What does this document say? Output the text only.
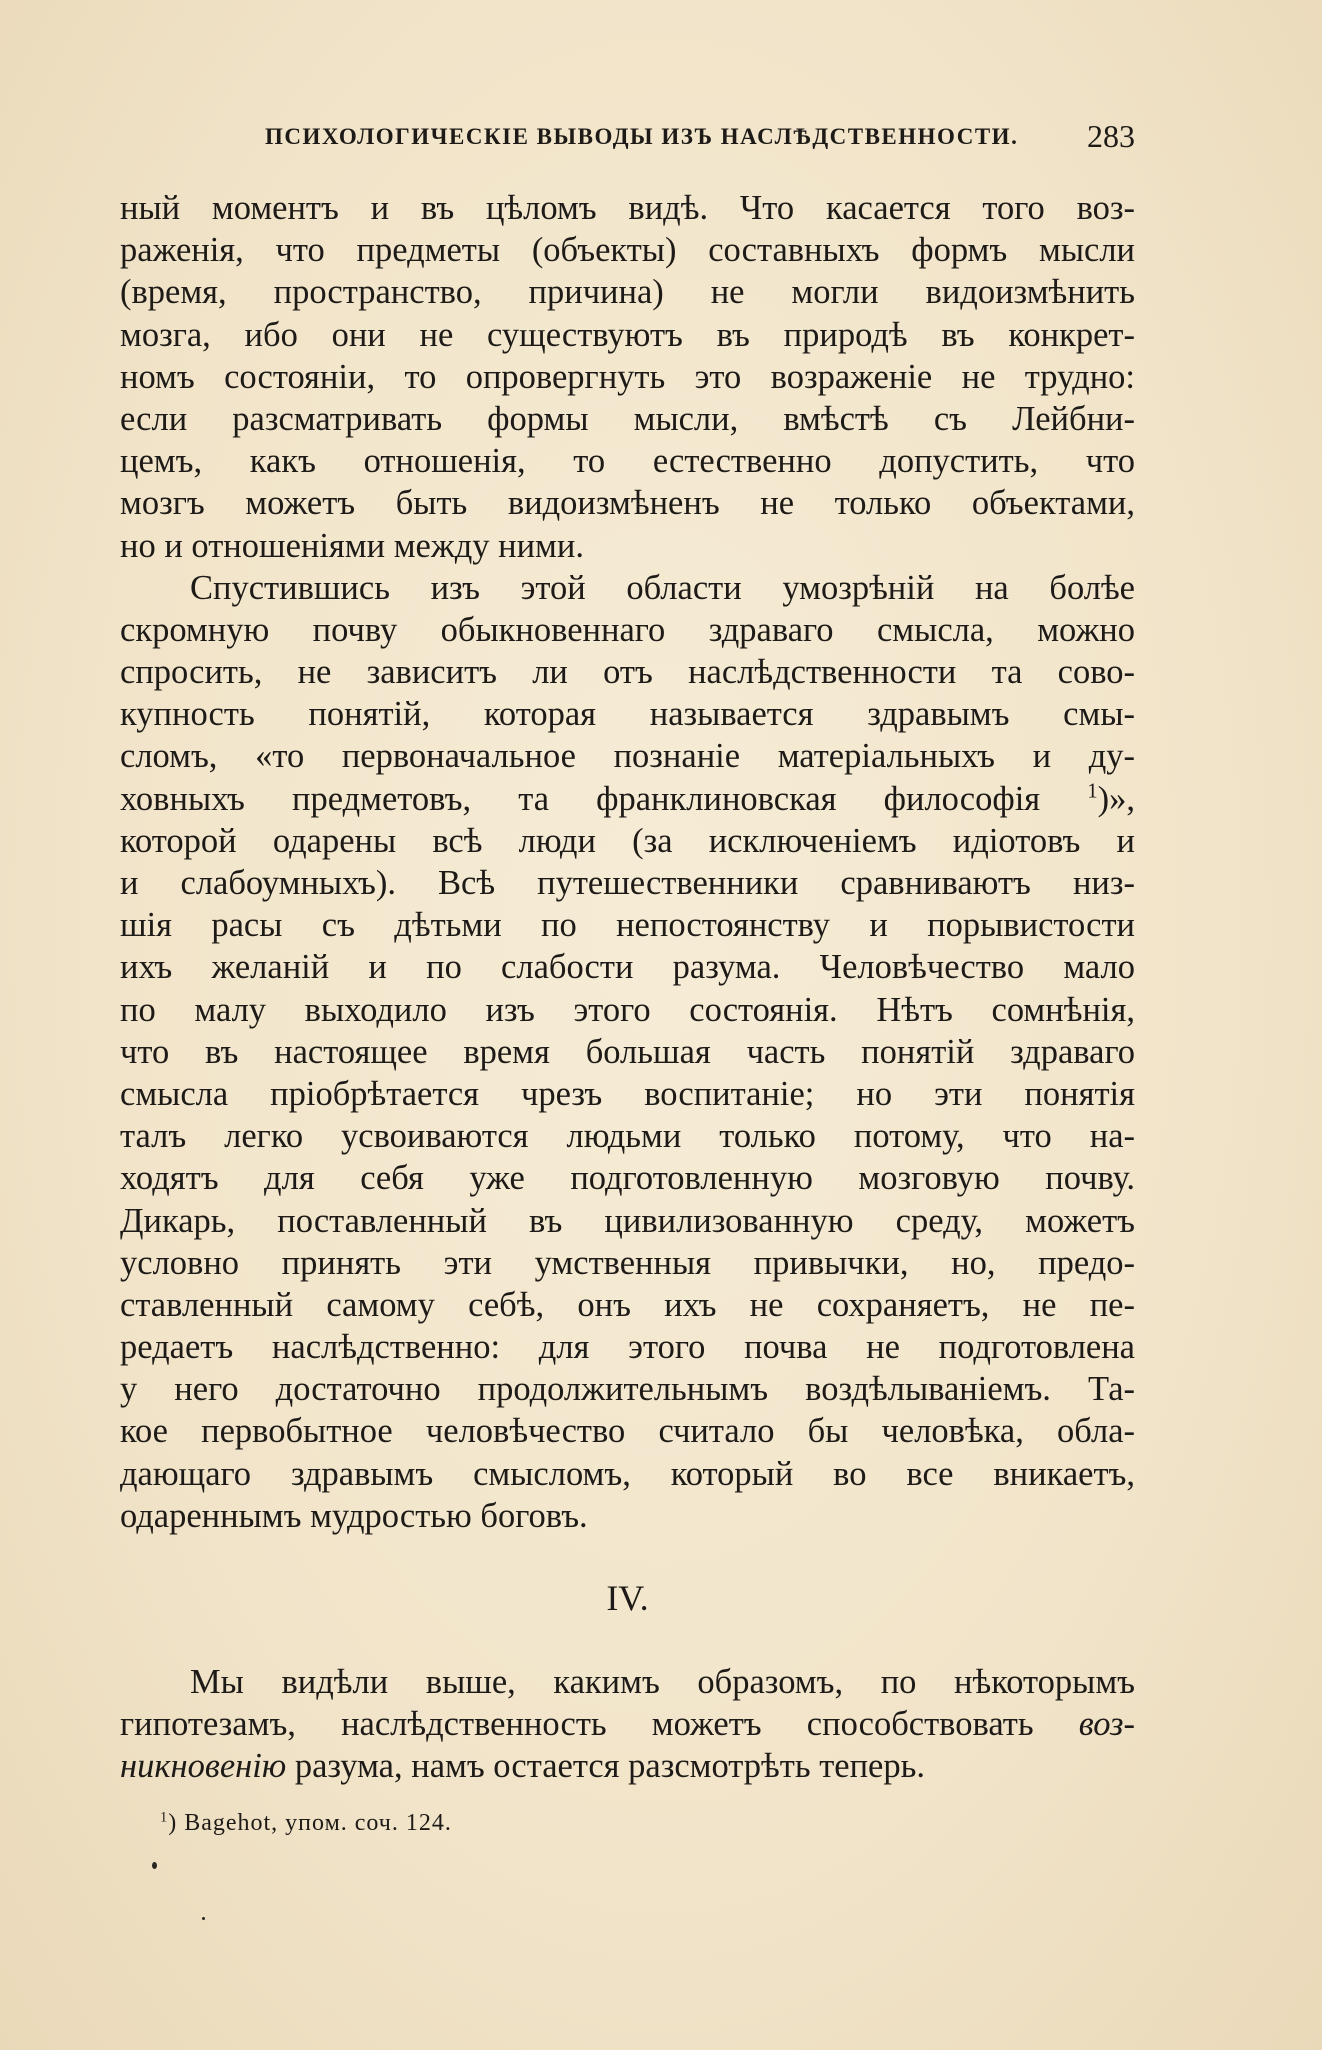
ПСИХОЛОГИЧЕСКІЕ ВЫВОДЫ ИЗЪ НАСЛѢДСТВЕННОСТИ. 283
ный моментъ и въ цѣломъ видѣ. Что касается того воз-
раженія, что предметы (объекты) составныхъ формъ мысли
(время, пространство, причина) не могли видоизмѣнить
мозга, ибо они не существуютъ въ природѣ въ конкрет-
номъ состояніи, то опровергнуть это возраженіе не трудно:
если разсматривать формы мысли, вмѣстѣ съ Лейбни-
цемъ, какъ отношенія, то естественно допустить, что
мозгъ можетъ быть видоизмѣненъ не только объектами,
но и отношеніями между ними.
Спустившись изъ этой области умозрѣній на болѣе
скромную почву обыкновеннаго здраваго смысла, можно
спросить, не зависитъ ли отъ наслѣдственности та сово-
купность понятій, которая называется здравымъ смы-
сломъ, «то первоначальное познаніе матеріальныхъ и ду-
ховныхъ предметовъ, та франклиновская философія $^1$)»,
которой одарены всѣ люди (за исключеніемъ идіотовъ и
и слабоумныхъ). Всѣ путешественники сравниваютъ низ-
шія расы съ дѣтьми по непостоянству и порывистости
ихъ желаній и по слабости разума. Человѣчество мало
по малу выходило изъ этого состоянія. Нѣтъ сомнѣнія,
что въ настоящее время большая часть понятій здраваго
смысла пріобрѣтается чрезъ воспитаніе; но эти понятія
талъ легко усвоиваются людьми только потому, что на-
ходятъ для себя уже подготовленную мозговую почву.
Дикарь, поставленный въ цивилизованную среду, можетъ
условно принять эти умственныя привычки, но, предо-
ставленный самому себѣ, онъ ихъ не сохраняетъ, не пе-
редаетъ наслѣдственно: для этого почва не подготовлена
у него достаточно продолжительнымъ воздѣлываніемъ. Та-
кое первобытное человѣчество считало бы человѣка, обла-
дающаго здравымъ смысломъ, который во все вникаетъ,
одареннымъ мудростью боговъ.
IV.
Мы видѣли выше, какимъ образомъ, по нѣкоторымъ
гипотезамъ, наслѣдственность можетъ способствовать воз-
никновенію разума, намъ остается разсмотрѣть теперь.
$^1$) Bagehot, упом. соч. 124.
